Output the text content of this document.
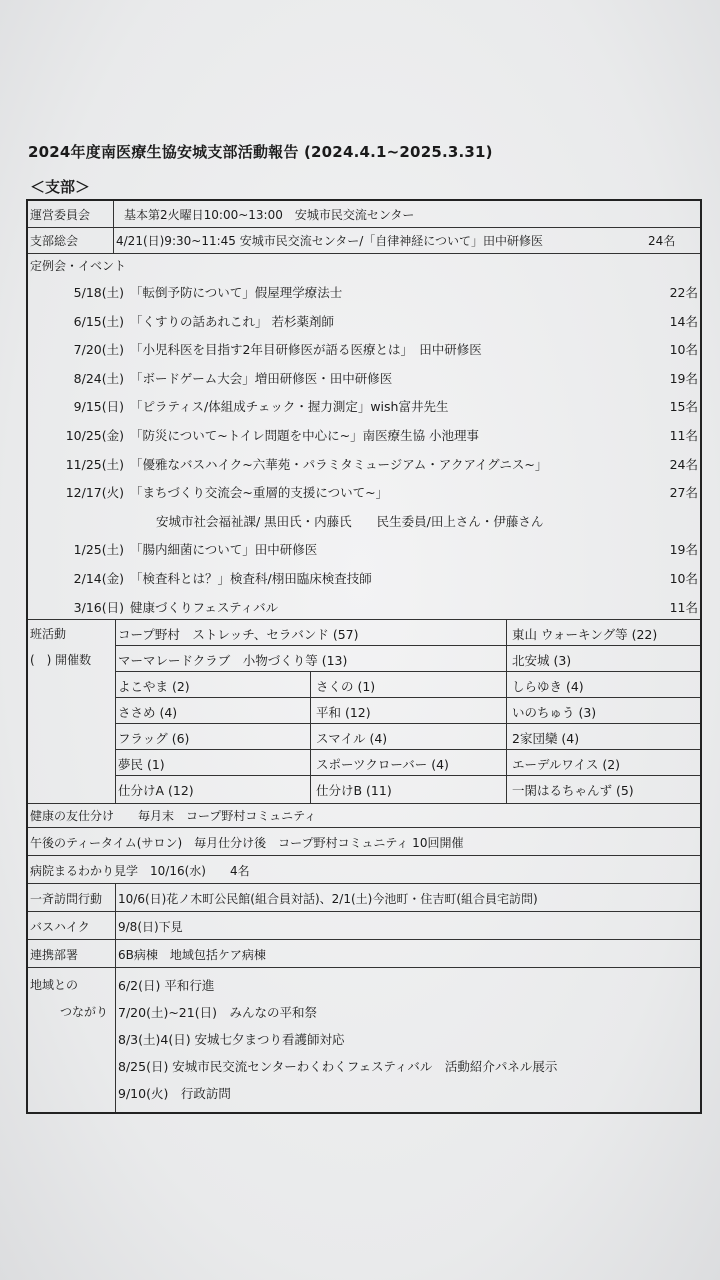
2024年度南医療生協安城支部活動報告 (2024.4.1~2025.3.31)
＜支部＞
運営委員会	基本第2火曜日10:00~13:00　安城市民交流センター
支部総会	4/21(日)9:30~11:45 安城市民交流センター/「自律神経について」田中研修医	24名
定例会・イベント
5/18(土) 「転倒予防について」假屋理学療法士	22名
6/15(土) 「くすりの話あれこれ」 若杉薬剤師	14名
7/20(土) 「小児科医を目指す2年目研修医が語る医療とは」　田中研修医	10名
8/24(土) 「ボードゲーム大会」増田研修医・田中研修医	19名
9/15(日) 「ピラティス/体組成チェック・握力測定」wish富井先生	15名
10/25(金) 「防災について~トイレ問題を中心に~」南医療生協 小池理事	11名
11/25(土) 「優雅なバスハイク~六華苑・パラミタミュージアム・アクアイグニス~」	24名
12/17(火) 「まちづくり交流会~重層的支援について~」	27名
安城市社会福祉課/ 黒田氏・内藤氏　　民生委員/田上さん・伊藤さん
1/25(土) 「腸内細菌について」田中研修医	19名
2/14(金) 「検査科とは？」検査科/栩田臨床検査技師	10名
3/16(日) 健康づくりフェスティバル	11名
班活動
(　) 開催数
コープ野村　ストレッチ、セラバンド (57)	東山 ウォーキング等 (22)
マーマレードクラブ　小物づくり等 (13)	北安城 (3)
よこやま (2)	さくの (1)	しらゆき (4)
ささめ (4)	平和 (12)	いのちゅう (3)
フラッグ (6)	スマイル (4)	2家団欒 (4)
夢民 (1)	スポーツクローバー (4)	エーデルワイス (2)
仕分けA (12)	仕分けB (11)	一閑はるちゃんず (5)
健康の友仕分け　　毎月末　コープ野村コミュニティ
午後のティータイム(サロン)　毎月仕分け後　コープ野村コミュニティ 10回開催
病院まるわかり見学　10/16(水)　　4名
一斉訪問行動 10/6(日)花ノ木町公民館(組合員対話)、2/1(土)今池町・住吉町(組合員宅訪問)
バスハイク 9/8(日)下見
連携部署	6B病棟　地域包括ケア病棟
地域との
つながり
6/2(日) 平和行進
7/20(土)~21(日)　みんなの平和祭
8/3(土)4(日) 安城七夕まつり看護師対応
8/25(日) 安城市民交流センターわくわくフェスティバル　活動紹介パネル展示
9/10(火)　行政訪問
